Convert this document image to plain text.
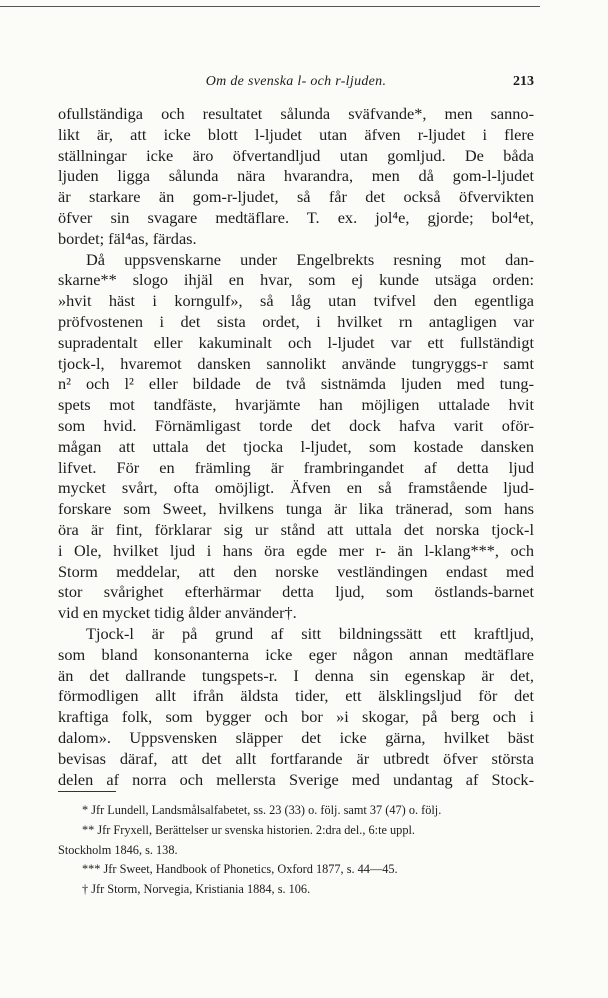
Om de svenska l- och r-ljuden.	213
ofullständiga och resultatet sålunda sväfvande*, men sanno-
likt är, att icke blott l-ljudet utan äfven r-ljudet i flere
ställningar icke äro öfvertandljud utan gomljud. De båda
ljuden ligga sålunda nära hvarandra, men då gom-l-ljudet
är starkare än gom-r-ljudet, så får det också öfvervikten
öfver sin svagare medtäflare. T. ex. jol⁴e, gjorde; bol⁴et,
bordet; fäl⁴as, färdas.
Då uppsvenskarne under Engelbrekts resning mot dan-
skarne** slogo ihjäl en hvar, som ej kunde utsäga orden:
»hvit häst i korngulf», så låg utan tvifvel den egentliga
pröfvostenen i det sista ordet, i hvilket rn antagligen var
supradentalt eller kakuminalt och l-ljudet var ett fullständigt
tjock-l, hvaremot dansken sannolikt använde tungryggs-r samt
n² och l² eller bildade de två sistnämda ljuden med tung-
spets mot tandfäste, hvarjämte han möjligen uttalade hvit
som hvid. Förnämligast torde det dock hafva varit oför-
mågan att uttala det tjocka l-ljudet, som kostade dansken
lifvet. För en främling är frambringandet af detta ljud
mycket svårt, ofta omöjligt. Äfven en så framstående ljud-
forskare som Sweet, hvilkens tunga är lika tränerad, som hans
öra är fint, förklarar sig ur stånd att uttala det norska tjock-l
i Ole, hvilket ljud i hans öra egde mer r- än l-klang***, och
Storm meddelar, att den norske vestländingen endast med
stor svårighet efterhärmar detta ljud, som östlands-barnet
vid en mycket tidig ålder använder†.
Tjock-l är på grund af sitt bildningssätt ett kraftljud,
som bland konsonanterna icke eger någon annan medtäflare
än det dallrande tungspets-r. I denna sin egenskap är det,
förmodligen allt ifrån äldsta tider, ett älsklingsljud för det
kraftiga folk, som bygger och bor »i skogar, på berg och i
dalom». Uppsvensken släpper det icke gärna, hvilket bäst
bevisas däraf, att det allt fortfarande är utbredt öfver största
delen af norra och mellersta Sverige med undantag af Stock-
* Jfr Lundell, Landsmålsalfabetet, ss. 23 (33) o. följ. samt 37 (47) o. följ.
** Jfr Fryxell, Berättelser ur svenska historien. 2:dra del., 6:te uppl.
Stockholm 1846, s. 138.
*** Jfr Sweet, Handbook of Phonetics, Oxford 1877, s. 44—45.
† Jfr Storm, Norvegia, Kristiania 1884, s. 106.
